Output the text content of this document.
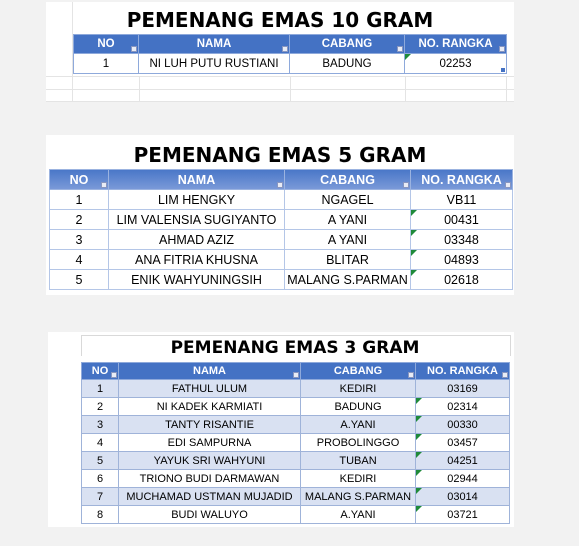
PEMENANG EMAS 10 GRAM
NO	NAMA	CABANG	NO. RANGKA

1	NI LUH PUTU RUSTIANI	BADUNG	02253
PEMENANG EMAS 5 GRAM
NO	NAMA	CABANG	NO. RANGKA

1	LIM HENGKY	NGAGEL	VB11
2	LIM VALENSIA SUGIYANTO	A YANI	00431
3	AHMAD AZIZ	A YANI	03348
4	ANA FITRIA KHUSNA	BLITAR	04893
5	ENIK WAHYUNINGSIH	MALANG S.PARMAN	02618
PEMENANG EMAS 3 GRAM
NO	NAMA	CABANG	NO. RANGKA

1	FATHUL ULUM	KEDIRI	03169
2	NI KADEK KARMIATI	BADUNG	02314
3	TANTY RISANTIE	A.YANI	00330
4	EDI SAMPURNA	PROBOLINGGO	03457
5	YAYUK SRI WAHYUNI	TUBAN	04251
6	TRIONO BUDI DARMAWAN	KEDIRI	02944
7	MUCHAMAD USTMAN MUJADID	MALANG S.PARMAN	03014
8	BUDI WALUYO	A.YANI	03721
